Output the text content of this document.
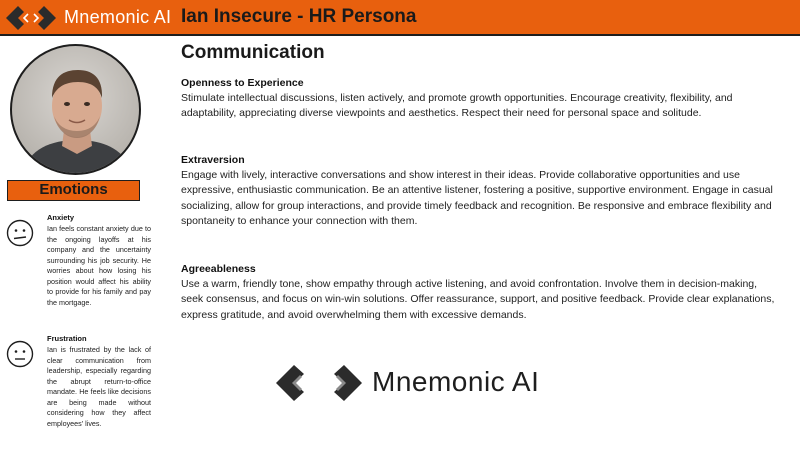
Mnemonic AI Ian Insecure - HR Persona
Emotions
Anxiety
Ian feels constant anxiety due to the ongoing layoffs at his company and the uncertainty surrounding his job security. He worries about how losing his position would affect his ability to provide for his family and pay the mortgage.
Frustration
Ian is frustrated by the lack of clear communication from leadership, especially regarding the abrupt return-to-office mandate. He feels like decisions are being made without considering how they affect employees' lives.
Communication
Openness to Experience
Stimulate intellectual discussions, listen actively, and promote growth opportunities. Encourage creativity, flexibility, and adaptability, appreciating diverse viewpoints and aesthetics. Respect their need for personal space and solitude.
Extraversion
Engage with lively, interactive conversations and show interest in their ideas. Provide collaborative opportunities and use expressive, enthusiastic communication. Be an attentive listener, fostering a positive, supportive environment. Engage in casual socializing, allow for group interactions, and provide timely feedback and recognition. Be responsive and embrace flexibility and spontaneity to enhance your connection with them.
Agreeableness
Use a warm, friendly tone, show empathy through active listening, and avoid confrontation. Involve them in decision-making, seek consensus, and focus on win-win solutions. Offer reassurance, support, and positive feedback. Provide clear explanations, express gratitude, and avoid overwhelming them with excessive demands.
Mnemonic AI
